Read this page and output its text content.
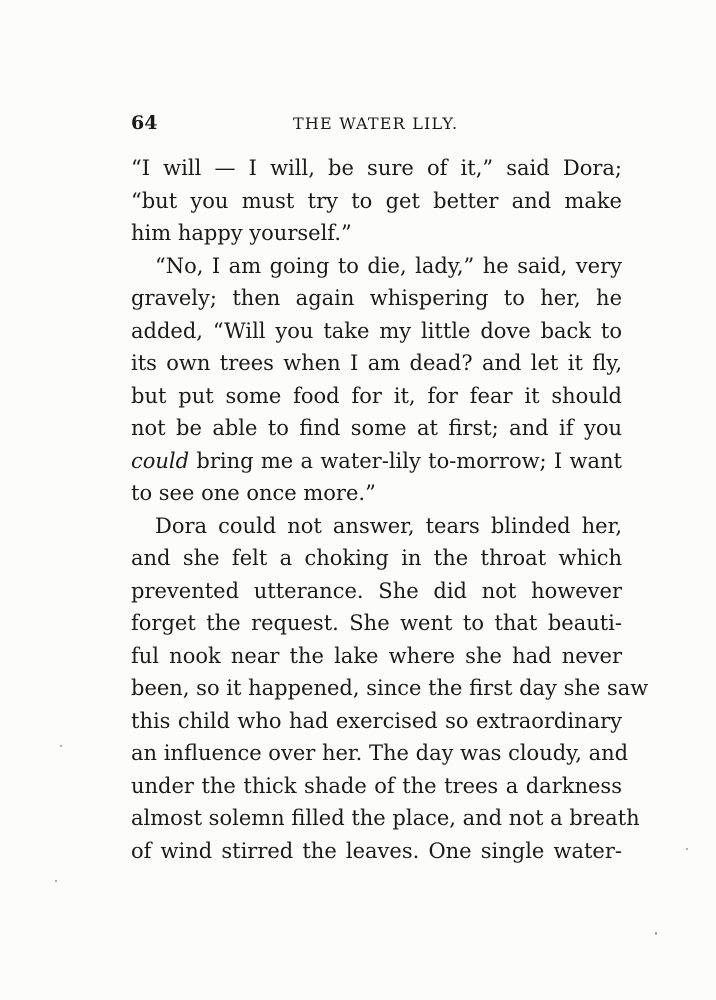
64	THE WATER LILY.
“I will — I will, be sure of it,” said Dora;
“but you must try to get better and make
him happy yourself.”
“No, I am going to die, lady,” he said, very
gravely; then again whispering to her, he
added, “Will you take my little dove back to
its own trees when I am dead? and let it fly,
but put some food for it, for fear it should
not be able to find some at first; and if you
could bring me a water-lily to-morrow; I want
to see one once more.”
Dora could not answer, tears blinded her,
and she felt a choking in the throat which
prevented utterance. She did not however
forget the request. She went to that beauti-
ful nook near the lake where she had never
been, so it happened, since the first day she saw
this child who had exercised so extraordinary
an influence over her. The day was cloudy, and
under the thick shade of the trees a darkness
almost solemn filled the place, and not a breath
of wind stirred the leaves. One single water-
